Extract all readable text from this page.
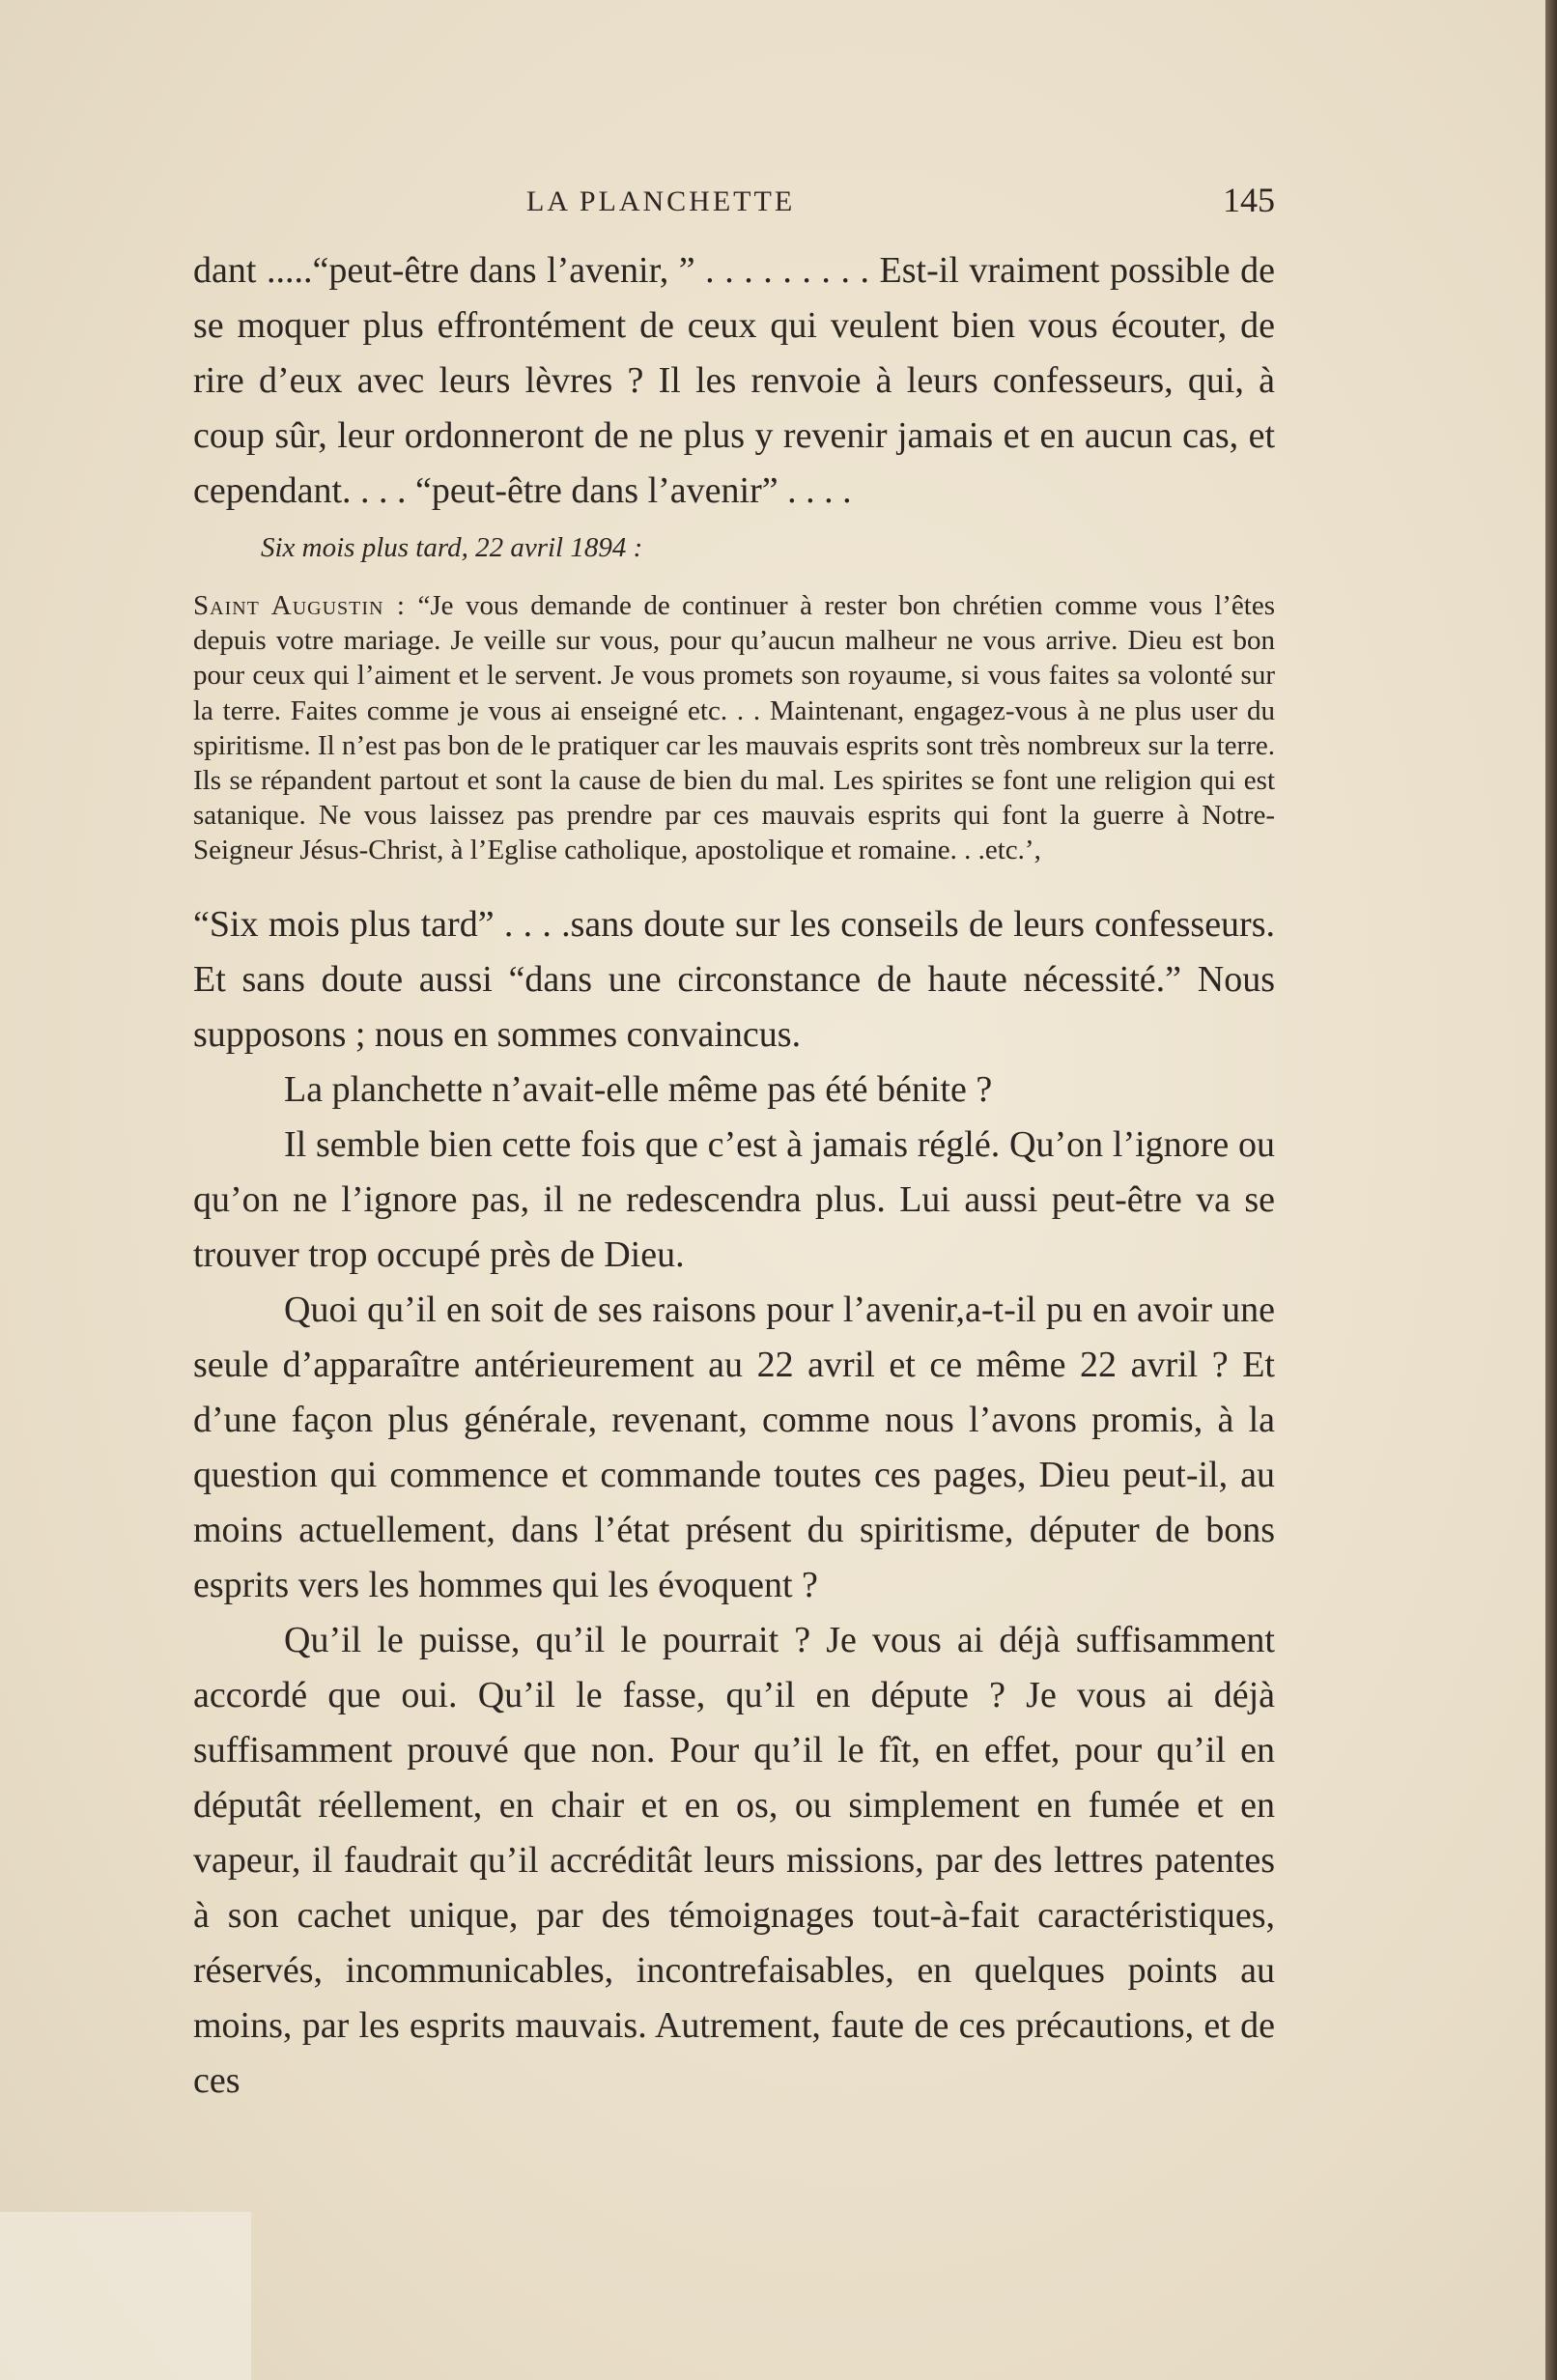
LA PLANCHETTE	145

dant .....“peut-être dans l’avenir, ” . . . . . . . . . Est-il vraiment possible de se moquer plus effrontément de ceux qui veulent bien vous écouter, de rire d’eux avec leurs lèvres ? Il les renvoie à leurs confesseurs, qui, à coup sûr, leur ordonneront de ne plus y revenir jamais et en aucun cas, et cependant. . . . “peut-être dans l’avenir” . . . .

Six mois plus tard, 22 avril 1894 :

Saint Augustin : “Je vous demande de continuer à rester bon chrétien comme vous l’êtes depuis votre mariage. Je veille sur vous, pour qu’aucun malheur ne vous arrive. Dieu est bon pour ceux qui l’aiment et le servent. Je vous promets son royaume, si vous faites sa volonté sur la terre. Faites comme je vous ai enseigné etc. . . Maintenant, engagez-vous à ne plus user du spiritisme. Il n’est pas bon de le pratiquer car les mauvais esprits sont très nombreux sur la terre. Ils se répandent partout et sont la cause de bien du mal. Les spirites se font une religion qui est satanique. Ne vous laissez pas prendre par ces mauvais esprits qui font la guerre à Notre-Seigneur Jésus-Christ, à l’Eglise catholique, apostolique et romaine. . .etc.’,

“Six mois plus tard” . . . .sans doute sur les conseils de leurs confesseurs. Et sans doute aussi “dans une circonstance de haute nécessité.” Nous supposons ; nous en sommes convaincus.

La planchette n’avait-elle même pas été bénite ?

Il semble bien cette fois que c’est à jamais réglé. Qu’on l’ignore ou qu’on ne l’ignore pas, il ne redescendra plus. Lui aussi peut-être va se trouver trop occupé près de Dieu.

Quoi qu’il en soit de ses raisons pour l’avenir,a-t-il pu en avoir une seule d’apparaître antérieurement au 22 avril et ce même 22 avril ? Et d’une façon plus générale, revenant, comme nous l’avons promis, à la question qui commence et commande toutes ces pages, Dieu peut-il, au moins actuellement, dans l’état présent du spiritisme, députer de bons esprits vers les hommes qui les évoquent ?

Qu’il le puisse, qu’il le pourrait ? Je vous ai déjà suffisamment accordé que oui. Qu’il le fasse, qu’il en députe ? Je vous ai déjà suffisamment prouvé que non. Pour qu’il le fît, en effet, pour qu’il en députât réellement, en chair et en os, ou simplement en fumée et en vapeur, il faudrait qu’il accréditât leurs missions, par des lettres patentes à son cachet unique, par des témoignages tout-à-fait caractéristiques, réservés, incommunicables, incontrefaisables, en quelques points au moins, par les esprits mauvais. Autrement, faute de ces précautions, et de ces
